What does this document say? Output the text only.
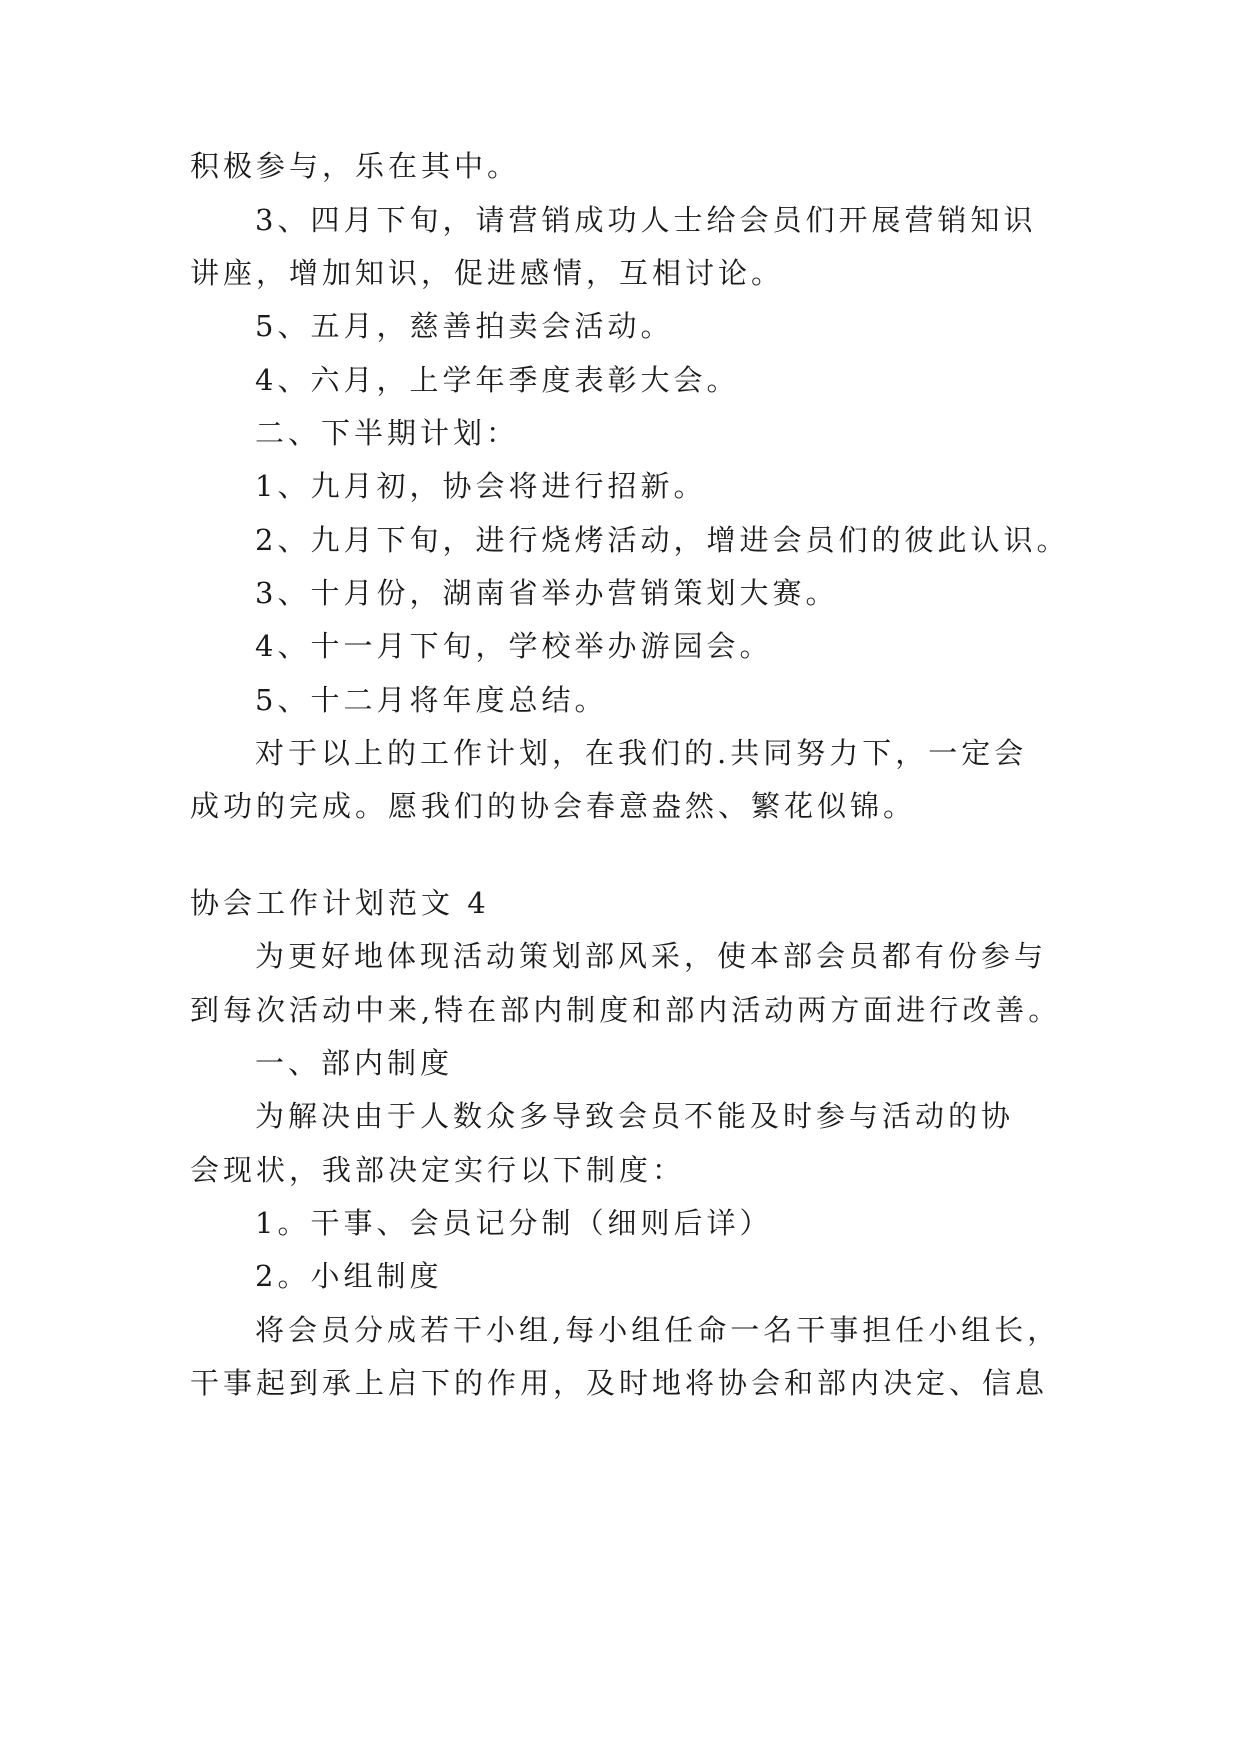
积极参与，乐在其中。
3、四月下旬，请营销成功人士给会员们开展营销知识
讲座，增加知识，促进感情，互相讨论。
5、五月，慈善拍卖会活动。
4、六月，上学年季度表彰大会。
二、下半期计划：
1、九月初，协会将进行招新。
2、九月下旬，进行烧烤活动，增进会员们的彼此认识。
3、十月份，湖南省举办营销策划大赛。
4、十一月下旬，学校举办游园会。
5、十二月将年度总结。
对于以上的工作计划，在我们的.共同努力下，一定会
成功的完成。愿我们的协会春意盎然、繁花似锦。
协会工作计划范文 4
为更好地体现活动策划部风采，使本部会员都有份参与
到每次活动中来,特在部内制度和部内活动两方面进行改善。
一、部内制度
为解决由于人数众多导致会员不能及时参与活动的协
会现状，我部决定实行以下制度：
1。干事、会员记分制（细则后详）
2。小组制度
将会员分成若干小组,每小组任命一名干事担任小组长，
干事起到承上启下的作用，及时地将协会和部内决定、信息
